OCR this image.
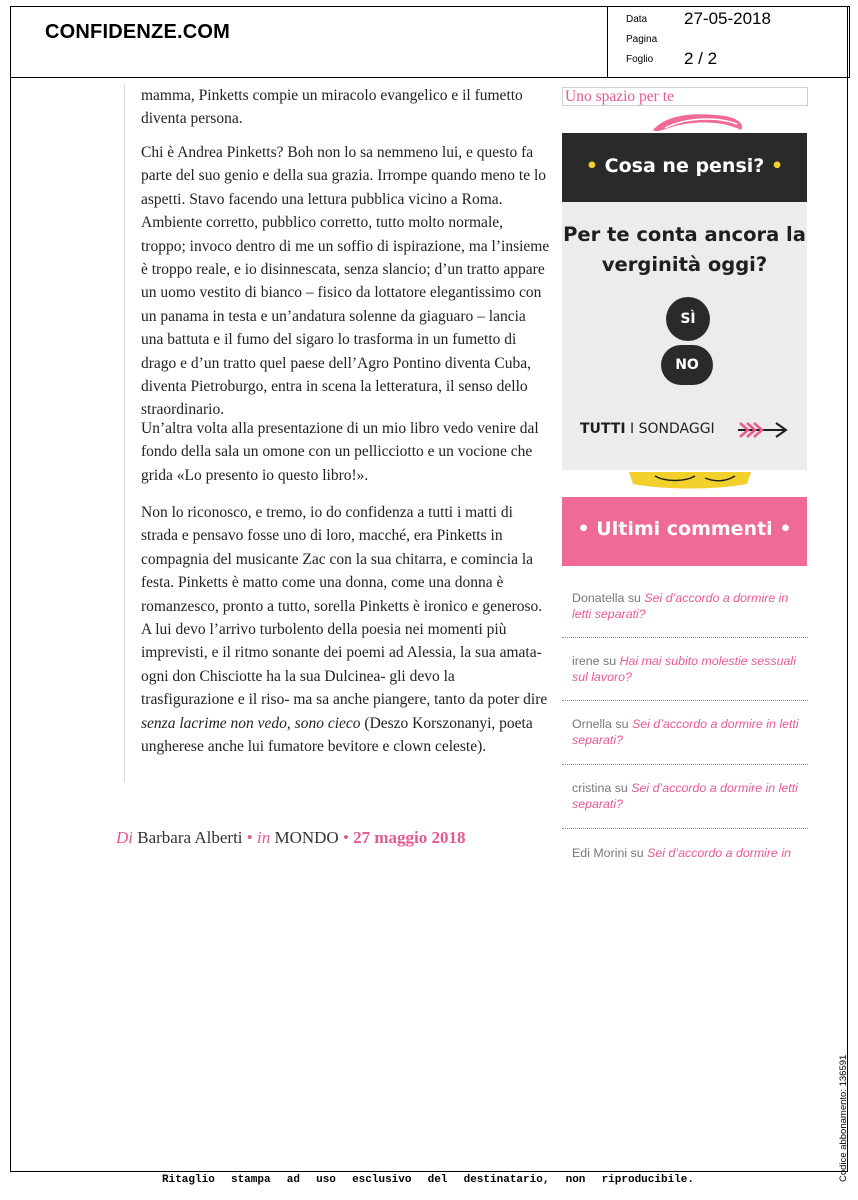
CONFIDENZE.COM
Data 27-05-2018
Pagina
Foglio 2 / 2

mamma, Pinketts compie un miracolo evangelico e il fumetto diventa persona.

Chi è Andrea Pinketts? Boh non lo sa nemmeno lui, e questo fa parte del suo genio e della sua grazia. Irrompe quando meno te lo aspetti. Stavo facendo una lettura pubblica vicino a Roma. Ambiente corretto, pubblico corretto, tutto molto normale, troppo; invoco dentro di me un soffio di ispirazione, ma l’insieme è troppo reale, e io disinnescata, senza slancio; d’un tratto appare un uomo vestito di bianco – fisico da lottatore elegantissimo con un panama in testa e un’andatura solenne da giaguaro – lancia una battuta e il fumo del sigaro lo trasforma in un fumetto di drago e d’un tratto quel paese dell’Agro Pontino diventa Cuba, diventa Pietroburgo, entra in scena la letteratura, il senso dello straordinario.

Un’altra volta alla presentazione di un mio libro vedo venire dal fondo della sala un omone con un pellicciotto e un vocione che grida «Lo presento io questo libro!».

Non lo riconosco, e tremo, io do confidenza a tutti i matti di strada e pensavo fosse uno di loro, macché, era Pinketts in compagnia del musicante Zac con la sua chitarra, e comincia la festa. Pinketts è matto come una donna, come una donna è romanzesco, pronto a tutto, sorella Pinketts è ironico e generoso. A lui devo l’arrivo turbolento della poesia nei momenti più imprevisti, e il ritmo sonante dei poemi ad Alessia, la sua amata- ogni don Chisciotte ha la sua Dulcinea- gli devo la trasfigurazione e il riso- ma sa anche piangere, tanto da poter dire senza lacrime non vedo, sono cieco (Deszo Korszonanyi, poeta ungherese anche lui fumatore bevitore e clown celeste).

Di Barbara Alberti • in MONDO • 27 maggio 2018
Uno spazio per te
• Cosa ne pensi? •
Per te conta ancora la
verginità oggi?
SÌ
NO
TUTTI I SONDAGGI
• Ultimi commenti •
Donatella su Sei d’accordo a dormire in letti separati?
irene su Hai mai subito molestie sessuali sul lavoro?
Ornella su Sei d’accordo a dormire in letti separati?
cristina su Sei d’accordo a dormire in letti separati?
Edi Morini su Sei d’accordo a dormire in
Ritaglio stampa ad uso esclusivo del destinatario, non riproducibile.	Codice abbonamento: 136591
